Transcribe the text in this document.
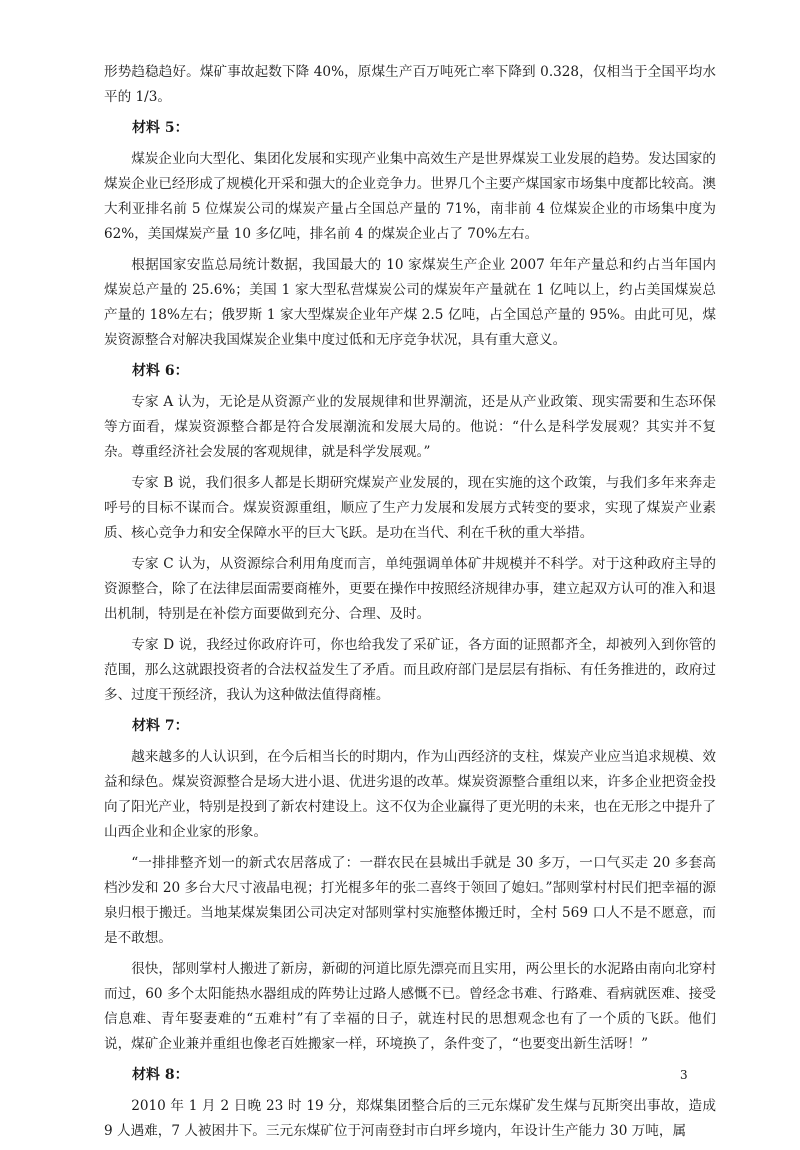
形势趋稳趋好。煤矿事故起数下降 40%，原煤生产百万吨死亡率下降到 0.328，仅相当于全国平均水平的 1/3。

材料 5：

煤炭企业向大型化、集团化发展和实现产业集中高效生产是世界煤炭工业发展的趋势。发达国家的煤炭企业已经形成了规模化开采和强大的企业竞争力。世界几个主要产煤国家市场集中度都比较高。澳大利亚排名前 5 位煤炭公司的煤炭产量占全国总产量的 71%，南非前 4 位煤炭企业的市场集中度为 62%，美国煤炭产量 10 多亿吨，排名前 4 的煤炭企业占了 70%左右。

根据国家安监总局统计数据，我国最大的 10 家煤炭生产企业 2007 年年产量总和约占当年国内煤炭总产量的 25.6%；美国 1 家大型私营煤炭公司的煤炭年产量就在 1 亿吨以上，约占美国煤炭总产量的 18%左右；俄罗斯 1 家大型煤炭企业年产煤 2.5 亿吨，占全国总产量的 95%。由此可见，煤炭资源整合对解决我国煤炭企业集中度过低和无序竞争状况，具有重大意义。

材料 6：

专家 A 认为，无论是从资源产业的发展规律和世界潮流，还是从产业政策、现实需要和生态环保等方面看，煤炭资源整合都是符合发展潮流和发展大局的。他说：“什么是科学发展观？其实并不复杂。尊重经济社会发展的客观规律，就是科学发展观。”

专家 B 说，我们很多人都是长期研究煤炭产业发展的，现在实施的这个政策，与我们多年来奔走呼号的目标不谋而合。煤炭资源重组，顺应了生产力发展和发展方式转变的要求，实现了煤炭产业素质、核心竞争力和安全保障水平的巨大飞跃。是功在当代、利在千秋的重大举措。

专家 C 认为，从资源综合利用角度而言，单纯强调单体矿井规模并不科学。对于这种政府主导的资源整合，除了在法律层面需要商榷外，更要在操作中按照经济规律办事，建立起双方认可的准入和退出机制，特别是在补偿方面要做到充分、合理、及时。

专家 D 说，我经过你政府许可，你也给我发了采矿证，各方面的证照都齐全，却被列入到你管的范围，那么这就跟投资者的合法权益发生了矛盾。而且政府部门是层层有指标、有任务推进的，政府过多、过度干预经济，我认为这种做法值得商榷。

材料 7：

越来越多的人认识到，在今后相当长的时期内，作为山西经济的支柱，煤炭产业应当追求规模、效益和绿色。煤炭资源整合是场大进小退、优进劣退的改革。煤炭资源整合重组以来，许多企业把资金投向了阳光产业，特别是投到了新农村建设上。这不仅为企业赢得了更光明的未来，也在无形之中提升了山西企业和企业家的形象。

“一排排整齐划一的新式农居落成了：一群农民在县城出手就是 30 多万，一口气买走 20 多套高档沙发和 20 多台大尺寸液晶电视；打光棍多年的张二喜终于领回了媳妇。”郜则掌村村民们把幸福的源泉归根于搬迁。当地某煤炭集团公司决定对郜则掌村实施整体搬迁时，全村 569 口人不是不愿意，而是不敢想。

很快，郜则掌村人搬进了新房，新砌的河道比原先漂亮而且实用，两公里长的水泥路由南向北穿村而过，60 多个太阳能热水器组成的阵势让过路人感慨不已。曾经念书难、行路难、看病就医难、接受信息难、青年娶妻难的“五难村”有了幸福的日子，就连村民的思想观念也有了一个质的飞跃。他们说，煤矿企业兼并重组也像老百姓搬家一样，环境换了，条件变了，“也要变出新生活呀！”

材料 8：

2010 年 1 月 2 日晚 23 时 19 分，郑煤集团整合后的三元东煤矿发生煤与瓦斯突出事故，造成 9 人遇难，7 人被困井下。三元东煤矿位于河南登封市白坪乡境内，年设计生产能力 30 万吨，属

3
